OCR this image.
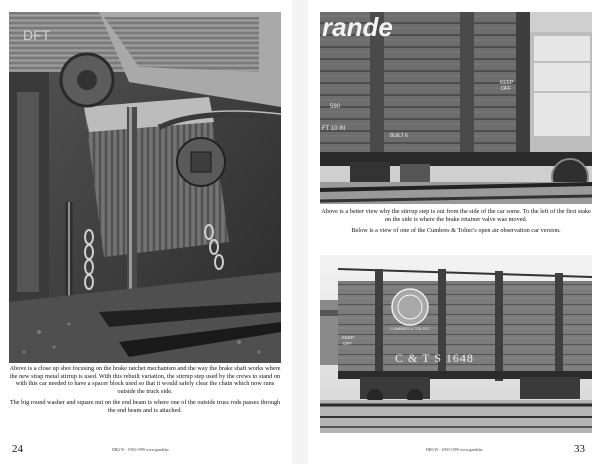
DFT

Above is a close up shot focusing on the brake ratchet mechanism and the way the brake shaft works where the new strap metal stirrup is used. With this rebuilt variation, the stirrup step used by the crews to stand on with this car needed to have a spacer block used so that it would safely clear the chain which now runs outside the truck side.

The big round washer and square nut on the end beam is where one of the outside truss rods passes through the end beam and is attached.

24	DRGW - 1950-1999 www.gaudslar
rande
KEEP
OFF
590
FT 10 IN
BUILT 6

Above is a better view why the stirrup step is out from the side of the car some. To the left of the first stake on the side is where the brake retainer valve was moved.

Below is a view of one of the Cumbres & Toltec's open air observation car version.

CUMBRES & TOLTEC
KEEP
OFF
C & T S 1648
33
DRGW - 1950-1999 www.gaudslar
